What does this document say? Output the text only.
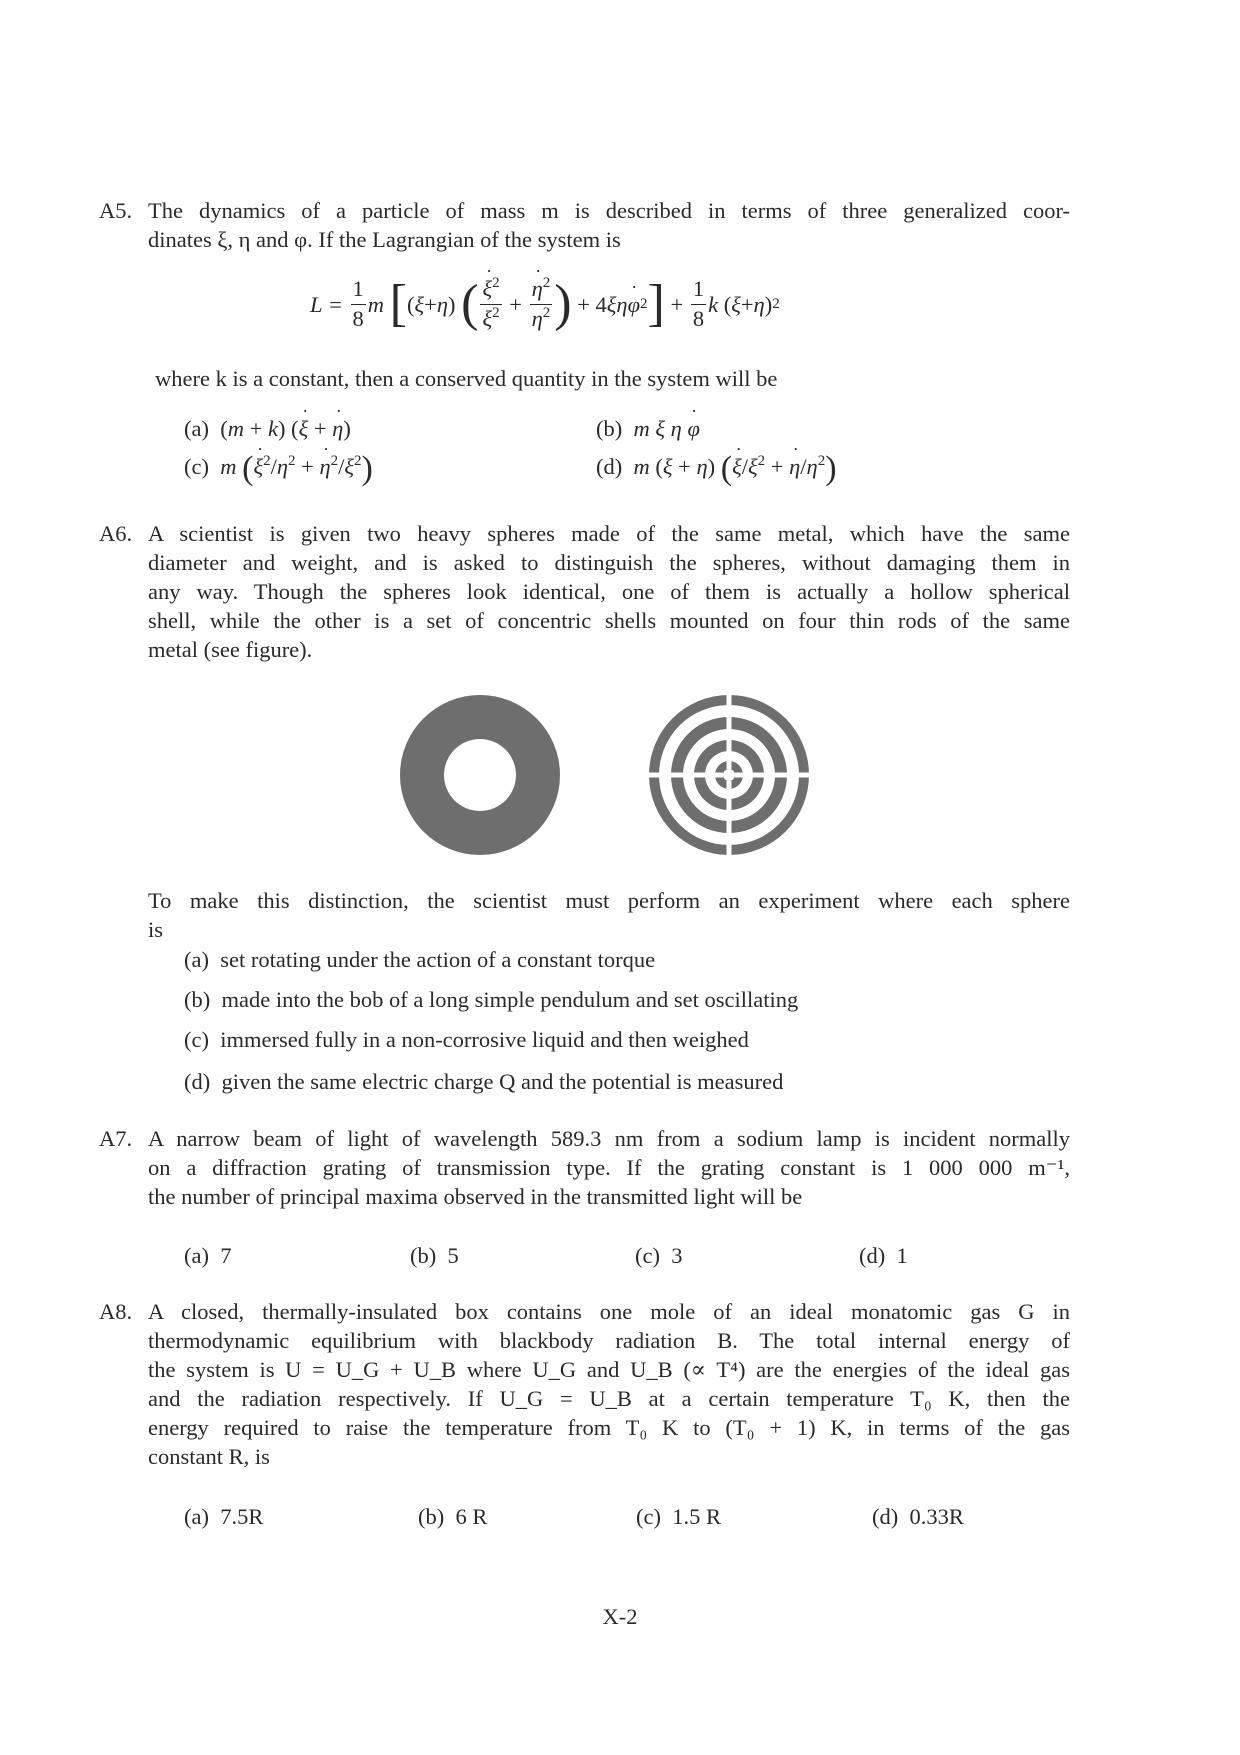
A5. The dynamics of a particle of mass m is described in terms of three generalized coor-
dinates ξ, η and φ. If the Lagrangian of the system is
L =
$\frac{1}{8}$ m
[ ( ξ + η ) ( $\frac{\xi ˙^2}{\xi^2} + \frac{\eta ˙^2}{\eta^2}$ ) + 4 ξ η φ ˙ 2 ] + $\frac{1}{8}$ k ( ξ + η ) 2
where k is a constant, then a conserved quantity in the system will be
(a)  (m + k) (ξ ˙ + η ˙)	(b) m ξ η φ ˙
(c) m (ξ $˙^2/\eta^2 + \eta$ $˙^2/\xi^2$)	(d) m (ξ + η) (ξ $˙/\xi^2 + \eta$ $˙/\eta^2$)
A6. A scientist is given two heavy spheres made of the same metal, which have the same
diameter and weight, and is asked to distinguish the spheres, without damaging them in
any way. Though the spheres look identical, one of them is actually a hollow spherical
shell, while the other is a set of concentric shells mounted on four thin rods of the same
metal (see figure).
To make this distinction, the scientist must perform an experiment where each sphere
is
(a) set rotating under the action of a constant torque
(b) made into the bob of a long simple pendulum and set oscillating
(c) immersed fully in a non-corrosive liquid and then weighed
(d) given the same electric charge Q and the potential is measured
A7. A narrow beam of light of wavelength 589.3 nm from a sodium lamp is incident normally
on a diffraction grating of transmission type. If the grating constant is 1 000 000 m⁻¹,
the number of principal maxima observed in the transmitted light will be
(a) 7	(b) 5	(c) 3	(d) 1
A8. A closed, thermally-insulated box contains one mole of an ideal monatomic gas G in
thermodynamic equilibrium with blackbody radiation B. The total internal energy of
the system is U = U_G + U_B where U_G and U_B (∝ T⁴) are the energies of the ideal gas
and the radiation respectively. If U_G = U_B at a certain temperature T₀ K, then the
energy required to raise the temperature from T₀ K to (T₀ + 1) K, in terms of the gas
constant R, is
(a) 7.5R	(b) 6 R	(c) 1.5 R	(d) 0.33R
X-2
